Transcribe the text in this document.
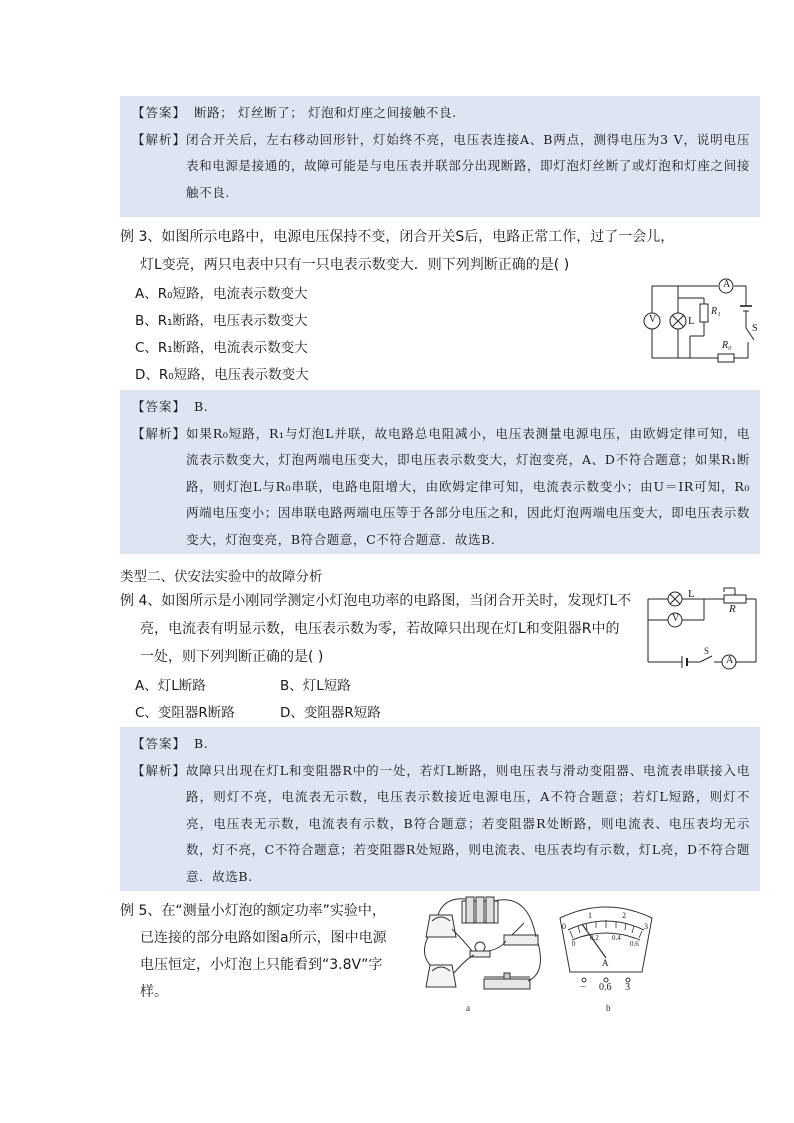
【答案】 断路； 灯丝断了； 灯泡和灯座之间接触不良.
【解析】 闭合开关后，左右移动回形针，灯始终不亮，电压表连接A、B两点，测得电压为3 V，说明电压表和电源是接通的，故障可能是与电压表并联部分出现断路，即灯泡灯丝断了或灯泡和灯座之间接触不良.
例 3、如图所示电路中，电源电压保持不变，闭合开关S后，电路正常工作，过了一会儿，
灯L变亮，两只电表中只有一只电表示数变大．则下列判断正确的是( )
A、R₀短路，电流表示数变大
B、R₁断路，电压表示数变大
C、R₁断路，电流表示数变大
D、R₀短路，电压表示数变大
A
V	L
R₁
R₀
S
【答案】 B.
【解析】 如果R₀短路，R₁与灯泡L并联，故电路总电阻减小，电压表测量电源电压，由欧姆定律可知，电流表示数变大，灯泡两端电压变大，即电压表示数变大，灯泡变亮，A、D不符合题意；如果R₁断路，则灯泡L与R₀串联，电路电阻增大，由欧姆定律可知，电流表示数变小；由U＝IR可知，R₀两端电压变小；因串联电路两端电压等于各部分电压之和，因此灯泡两端电压变大，即电压表示数变大，灯泡变亮，B符合题意，C不符合题意．故选B.
类型二、伏安法实验中的故障分析
例 4、如图所示是小刚同学测定小灯泡电功率的电路图，当闭合开关时，发现灯L不
亮，电流表有明显示数，电压表示数为零，若故障只出现在灯L和变阻器R中的
一处，则下列判断正确的是( )
A、灯L断路	B、灯L短路
C、变阻器R断路	D、变阻器R短路
L
R
V
S
A
【答案】 B.
【解析】 故障只出现在灯L和变阻器R中的一处，若灯L断路，则电压表与滑动变阻器、电流表串联接入电路，则灯不亮，电流表无示数，电压表示数接近电源电压，A不符合题意；若灯L短路，则灯不亮，电压表无示数，电流表有示数，B符合题意；若变阻器R处断路，则电流表、电压表均无示数，灯不亮，C不符合题意；若变阻器R处短路，则电流表、电压表均有示数，灯L亮，D不符合题意．故选B.
例 5、在“测量小灯泡的额定功率”实验中，
已连接的部分电路如图a所示，图中电源
电压恒定，小灯泡上只能看到“3.8V”字
样。
a
1	2
0	3
0
0.2 0.4
0.6
A
− 0.6 3
b
